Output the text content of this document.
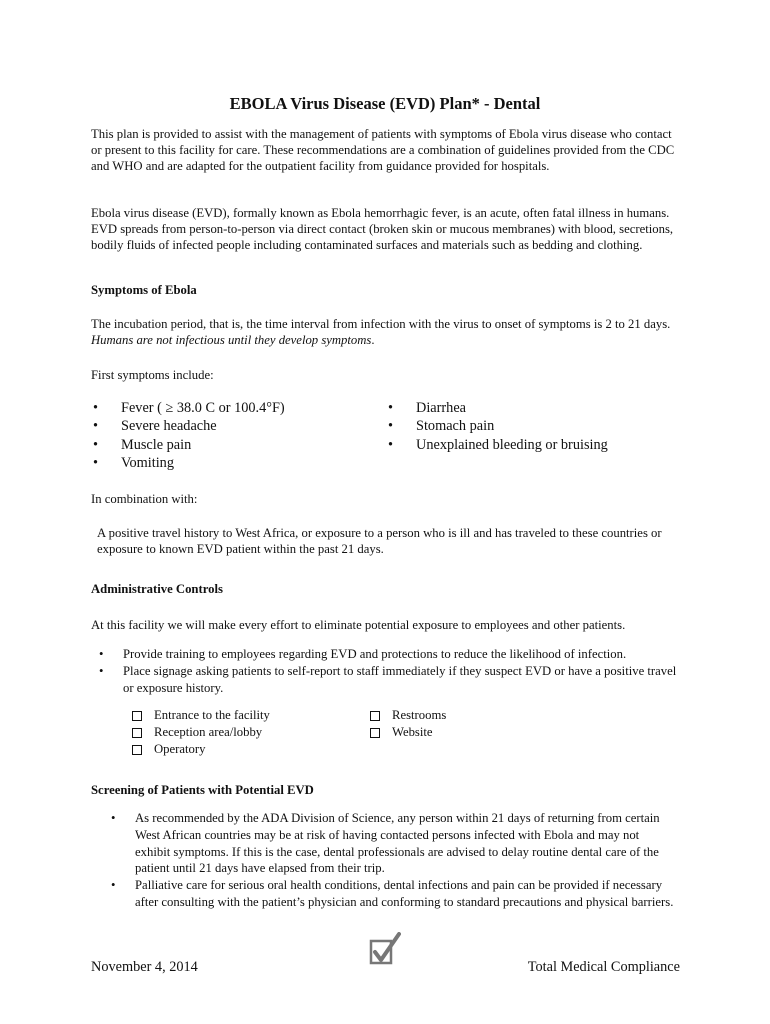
EBOLA Virus Disease (EVD) Plan* - Dental
This plan is provided to assist with the management of patients with symptoms of Ebola virus disease who contact or present to this facility for care. These recommendations are a combination of guidelines provided from the CDC and WHO and are adapted for the outpatient facility from guidance provided for hospitals.
Ebola virus disease (EVD), formally known as Ebola hemorrhagic fever, is an acute, often fatal illness in humans. EVD spreads from person-to-person via direct contact (broken skin or mucous membranes) with blood, secretions, bodily fluids of infected people including contaminated surfaces and materials such as bedding and clothing.
Symptoms of Ebola
The incubation period, that is, the time interval from infection with the virus to onset of symptoms is 2 to 21 days. Humans are not infectious until they develop symptoms.
First symptoms include:
• Fever ( ≥ 38.0 C or 100.4°F)
• Severe headache
• Muscle pain
• Vomiting
• Diarrhea
• Stomach pain
• Unexplained bleeding or bruising
In combination with:
A positive travel history to West Africa, or exposure to a person who is ill and has traveled to these countries or exposure to known EVD patient within the past 21 days.
Administrative Controls
At this facility we will make every effort to eliminate potential exposure to employees and other patients.
• Provide training to employees regarding EVD and protections to reduce the likelihood of infection.
• Place signage asking patients to self-report to staff immediately if they suspect EVD or have a positive travel or exposure history.
Entrance to the facility
Reception area/lobby
Operatory
Restrooms
Website
Screening of Patients with Potential EVD
• As recommended by the ADA Division of Science, any person within 21 days of returning from certain West African countries may be at risk of having contacted persons infected with Ebola and may not exhibit symptoms. If this is the case, dental professionals are advised to delay routine dental care of the patient until 21 days have elapsed from their trip.
• Palliative care for serious oral health conditions, dental infections and pain can be provided if necessary after consulting with the patient’s physician and conforming to standard precautions and physical barriers.
November 4, 2014	Total Medical Compliance
